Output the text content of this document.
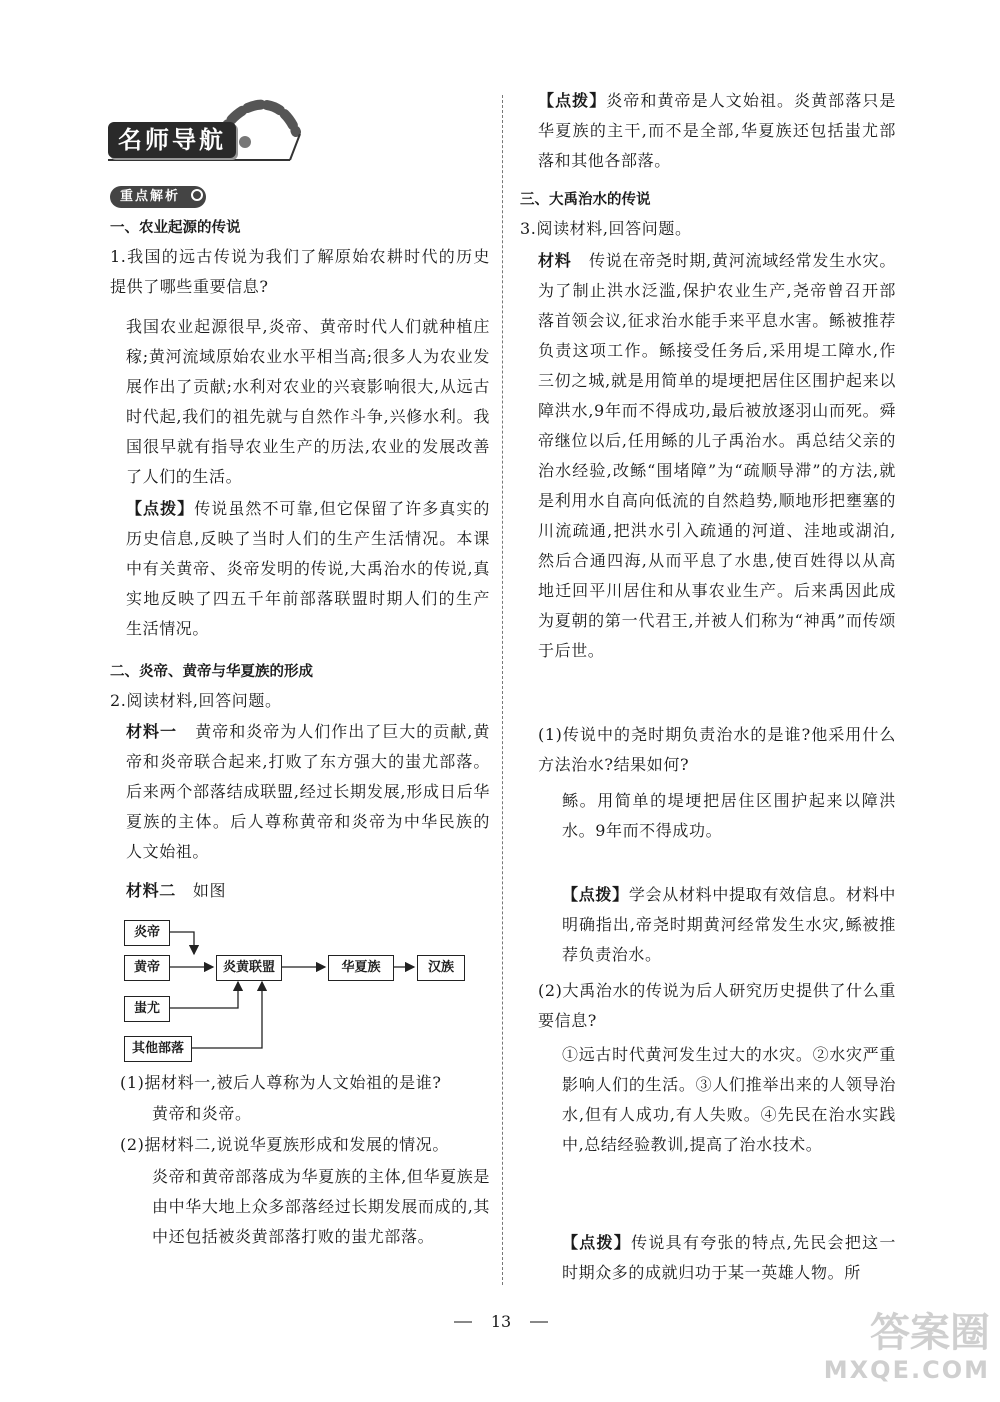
名师导航
重点解析
一、农业起源的传说
1.我国的远古传说为我们了解原始农耕时代的历史提供了哪些重要信息?
我国农业起源很早,炎帝、黄帝时代人们就种植庄稼;黄河流域原始农业水平相当高;很多人为农业发展作出了贡献;水利对农业的兴衰影响很大,从远古时代起,我们的祖先就与自然作斗争,兴修水利。我国很早就有指导农业生产的历法,农业的发展改善了人们的生活。
【点拨】传说虽然不可靠,但它保留了许多真实的历史信息,反映了当时人们的生产生活情况。本课中有关黄帝、炎帝发明的传说,大禹治水的传说,真实地反映了四五千年前部落联盟时期人们的生产生活情况。
二、炎帝、黄帝与华夏族的形成
2.阅读材料,回答问题。
材料一 黄帝和炎帝为人们作出了巨大的贡献,黄帝和炎帝联合起来,打败了东方强大的蚩尤部落。后来两个部落结成联盟,经过长期发展,形成日后华夏族的主体。后人尊称黄帝和炎帝为中华民族的人文始祖。
材料二 如图
炎帝
黄帝
蚩尤
其他部落
炎黄联盟	华夏族	汉族
(1)据材料一,被后人尊称为人文始祖的是谁?
黄帝和炎帝。
(2)据材料二,说说华夏族形成和发展的情况。
炎帝和黄帝部落成为华夏族的主体,但华夏族是由中华大地上众多部落经过长期发展而成的,其中还包括被炎黄部落打败的蚩尤部落。
【点拨】炎帝和黄帝是人文始祖。炎黄部落只是华夏族的主干,而不是全部,华夏族还包括蚩尤部落和其他各部落。
三、大禹治水的传说
3.阅读材料,回答问题。
材料 传说在帝尧时期,黄河流域经常发生水灾。为了制止洪水泛滥,保护农业生产,尧帝曾召开部落首领会议,征求治水能手来平息水害。鲧被推荐负责这项工作。鲧接受任务后,采用堤工障水,作三仞之城,就是用简单的堤埂把居住区围护起来以障洪水,9年而不得成功,最后被放逐羽山而死。舜帝继位以后,任用鲧的儿子禹治水。禹总结父亲的治水经验,改鲧“围堵障”为“疏顺导滞”的方法,就是利用水自高向低流的自然趋势,顺地形把壅塞的川流疏通,把洪水引入疏通的河道、洼地或湖泊,然后合通四海,从而平息了水患,使百姓得以从高地迁回平川居住和从事农业生产。后来禹因此成为夏朝的第一代君王,并被人们称为“神禹”而传颂于后世。
(1)传说中的尧时期负责治水的是谁?他采用什么方法治水?结果如何?
鲧。用简单的堤埂把居住区围护起来以障洪水。9年而不得成功。
【点拨】学会从材料中提取有效信息。材料中明确指出,帝尧时期黄河经常发生水灾,鲧被推荐负责治水。
(2)大禹治水的传说为后人研究历史提供了什么重要信息?
①远古时代黄河发生过大的水灾。②水灾严重影响人们的生活。③人们推举出来的人领导治水,但有人成功,有人失败。④先民在治水实践中,总结经验教训,提高了治水技术。
【点拨】传说具有夸张的特点,先民会把这一时期众多的成就归功于某一英雄人物。所
13	答案圈
MXQE.COM
